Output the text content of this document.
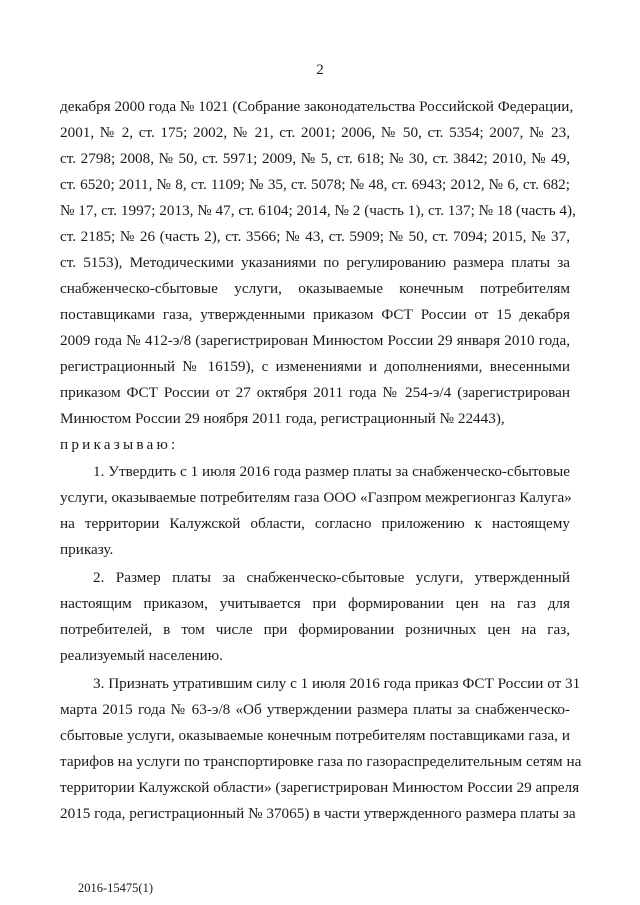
2
декабря 2000 года № 1021 (Собрание законодательства Российской Федерации,
2001, № 2, ст. 175; 2002, № 21, ст. 2001; 2006, № 50, ст. 5354; 2007, № 23,
ст. 2798; 2008, № 50, ст. 5971; 2009, № 5, ст. 618; № 30, ст. 3842; 2010, № 49,
ст. 6520; 2011, № 8, ст. 1109; № 35, ст. 5078; № 48, ст. 6943; 2012, № 6, ст. 682;
№ 17, ст. 1997; 2013, № 47, ст. 6104; 2014, № 2 (часть 1), ст. 137; № 18 (часть 4),
ст. 2185; № 26 (часть 2), ст. 3566; № 43, ст. 5909; № 50, ст. 7094; 2015, № 37,
ст. 5153), Методическими указаниями по регулированию размера платы за
снабженческо-сбытовые услуги, оказываемые конечным потребителям
поставщиками газа, утвержденными приказом ФСТ России от 15 декабря
2009 года № 412-э/8 (зарегистрирован Минюстом России 29 января 2010 года,
регистрационный № 16159), с изменениями и дополнениями, внесенными
приказом ФСТ России от 27 октября 2011 года № 254-э/4 (зарегистрирован
Минюстом России 29 ноября 2011 года, регистрационный № 22443),
приказываю:
1. Утвердить с 1 июля 2016 года размер платы за снабженческо-сбытовые
услуги, оказываемые потребителям газа ООО «Газпром межрегионгаз Калуга»
на территории Калужской области, согласно приложению к настоящему
приказу.
2. Размер платы за снабженческо-сбытовые услуги, утвержденный
настоящим приказом, учитывается при формировании цен на газ для
потребителей, в том числе при формировании розничных цен на газ,
реализуемый населению.
3. Признать утратившим силу с 1 июля 2016 года приказ ФСТ России от 31
марта 2015 года № 63-э/8 «Об утверждении размера платы за снабженческо-
сбытовые услуги, оказываемые конечным потребителям поставщиками газа, и
тарифов на услуги по транспортировке газа по газораспределительным сетям на
территории Калужской области» (зарегистрирован Минюстом России 29 апреля
2015 года, регистрационный № 37065) в части утвержденного размера платы за
2016-15475(1)
